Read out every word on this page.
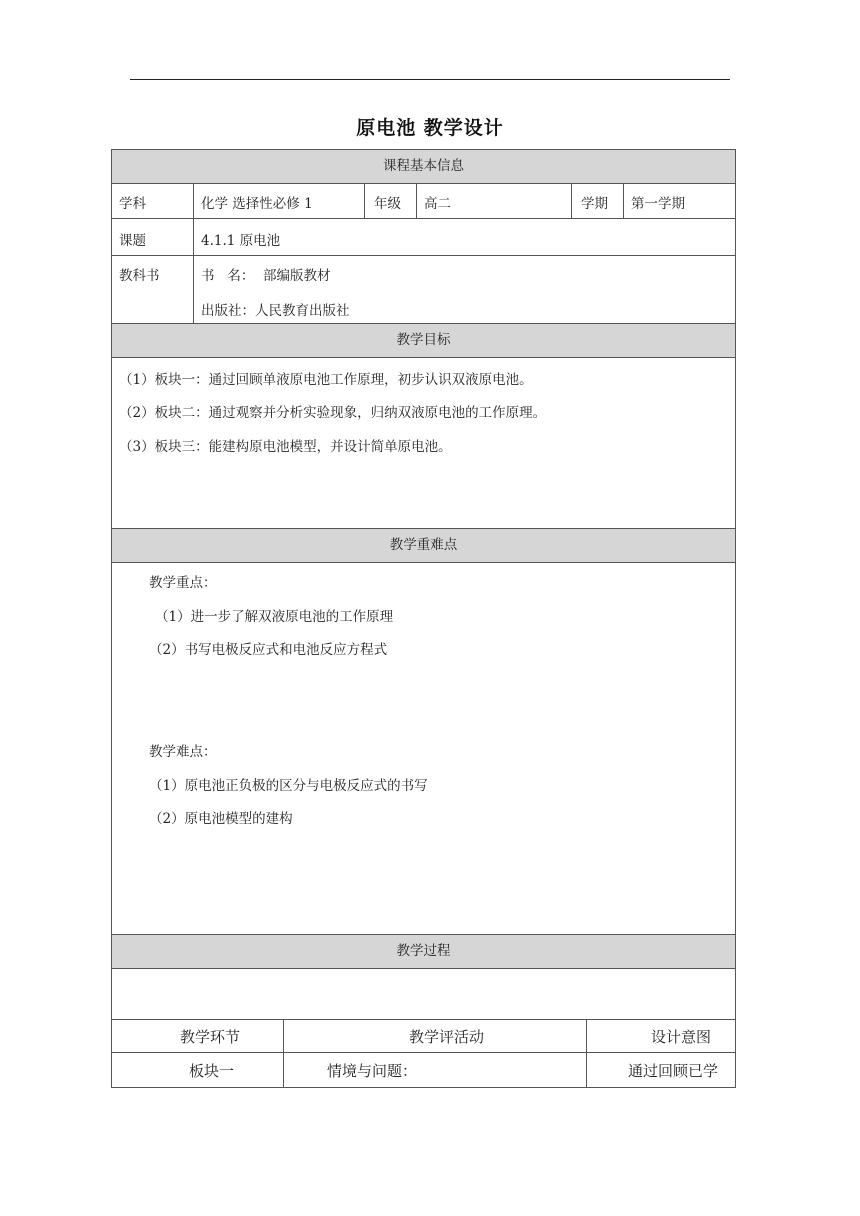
原电池 教学设计
课程基本信息
教学目标
教学重难点
教学过程
学科	化学 选择性必修 1	年级 高二	学期 第一学期
课题	4.1.1 原电池
教科书	书   名：  部编版教材
出版社：人民教育出版社
（1）板块一：通过回顾单液原电池工作原理，初步认识双液原电池。
（2）板块二：通过观察并分析实验现象，归纳双液原电池的工作原理。
（3）板块三：能建构原电池模型，并设计简单原电池。
教学重点：
（1）进一步了解双液原电池的工作原理
（2）书写电极反应式和电池反应方程式
教学难点：
（1）原电池正负极的区分与电极反应式的书写
（2）原电池模型的建构
教学环节	教学评活动	设计意图
板块一	情境与问题：	通过回顾已学
